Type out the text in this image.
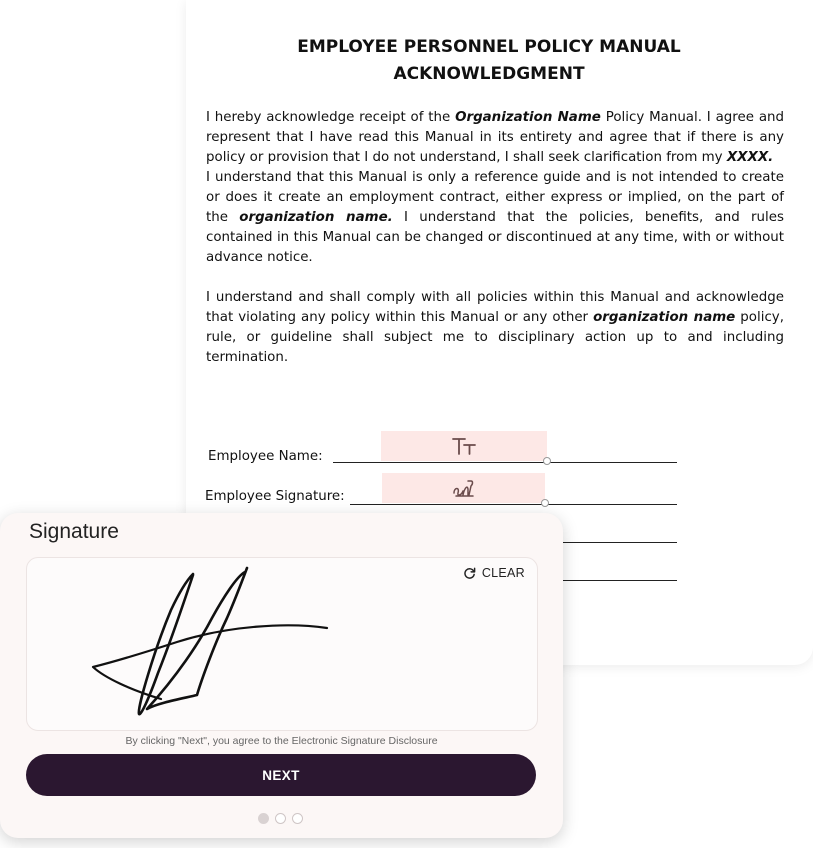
EMPLOYEE PERSONNEL POLICY MANUAL
ACKNOWLEDGMENT

I hereby acknowledge receipt of the Organization Name Policy Manual. I agree and represent that I have read this Manual in its entirety and agree that if there is any policy or provision that I do not understand, I shall seek clarification from my XXXX.

I understand that this Manual is only a reference guide and is not intended to create or does it create an employment contract, either express or implied, on the part of the organization name. I understand that the policies, benefits, and rules contained in this Manual can be changed or discontinued at any time, with or without advance notice.

I understand and shall comply with all policies within this Manual and acknowledge that violating any policy within this Manual or any other organization name policy, rule, or guideline shall subject me to disciplinary action up to and including termination.

Employee Name:
Employee Signature:
Signature
CLEAR
By clicking "Next", you agree to the Electronic Signature Disclosure
NEXT
